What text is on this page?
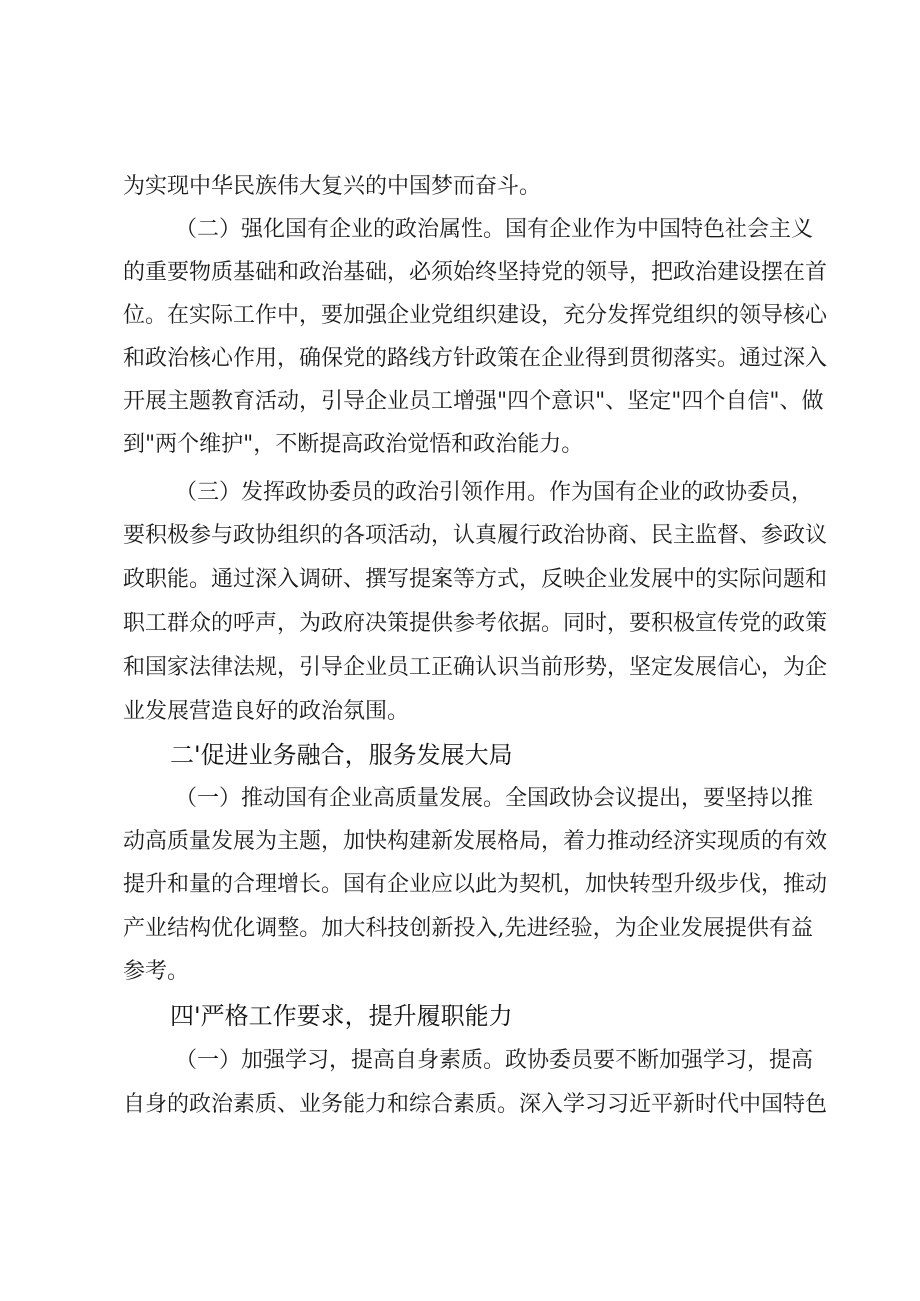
为实现中华民族伟大复兴的中国梦而奋斗。
（二）强化国有企业的政治属性。国有企业作为中国特色社会主义
的重要物质基础和政治基础，必须始终坚持党的领导，把政治建设摆在首
位。在实际工作中，要加强企业党组织建设，充分发挥党组织的领导核心
和政治核心作用，确保党的路线方针政策在企业得到贯彻落实。通过深入
开展主题教育活动，引导企业员工增强"四个意识"、坚定"四个自信"、做
到"两个维护"，不断提高政治觉悟和政治能力。
（三）发挥政协委员的政治引领作用。作为国有企业的政协委员，
要积极参与政协组织的各项活动，认真履行政治协商、民主监督、参政议
政职能。通过深入调研、撰写提案等方式，反映企业发展中的实际问题和
职工群众的呼声，为政府决策提供参考依据。同时，要积极宣传党的政策
和国家法律法规，引导企业员工正确认识当前形势，坚定发展信心，为企
业发展营造良好的政治氛围。
二'促进业务融合，服务发展大局
（一）推动国有企业高质量发展。全国政协会议提出，要坚持以推
动高质量发展为主题，加快构建新发展格局，着力推动经济实现质的有效
提升和量的合理增长。国有企业应以此为契机，加快转型升级步伐，推动
产业结构优化调整。加大科技创新投入,先进经验，为企业发展提供有益
参考。
四'严格工作要求，提升履职能力
（一）加强学习，提高自身素质。政协委员要不断加强学习，提高
自身的政治素质、业务能力和综合素质。深入学习习近平新时代中国特色
